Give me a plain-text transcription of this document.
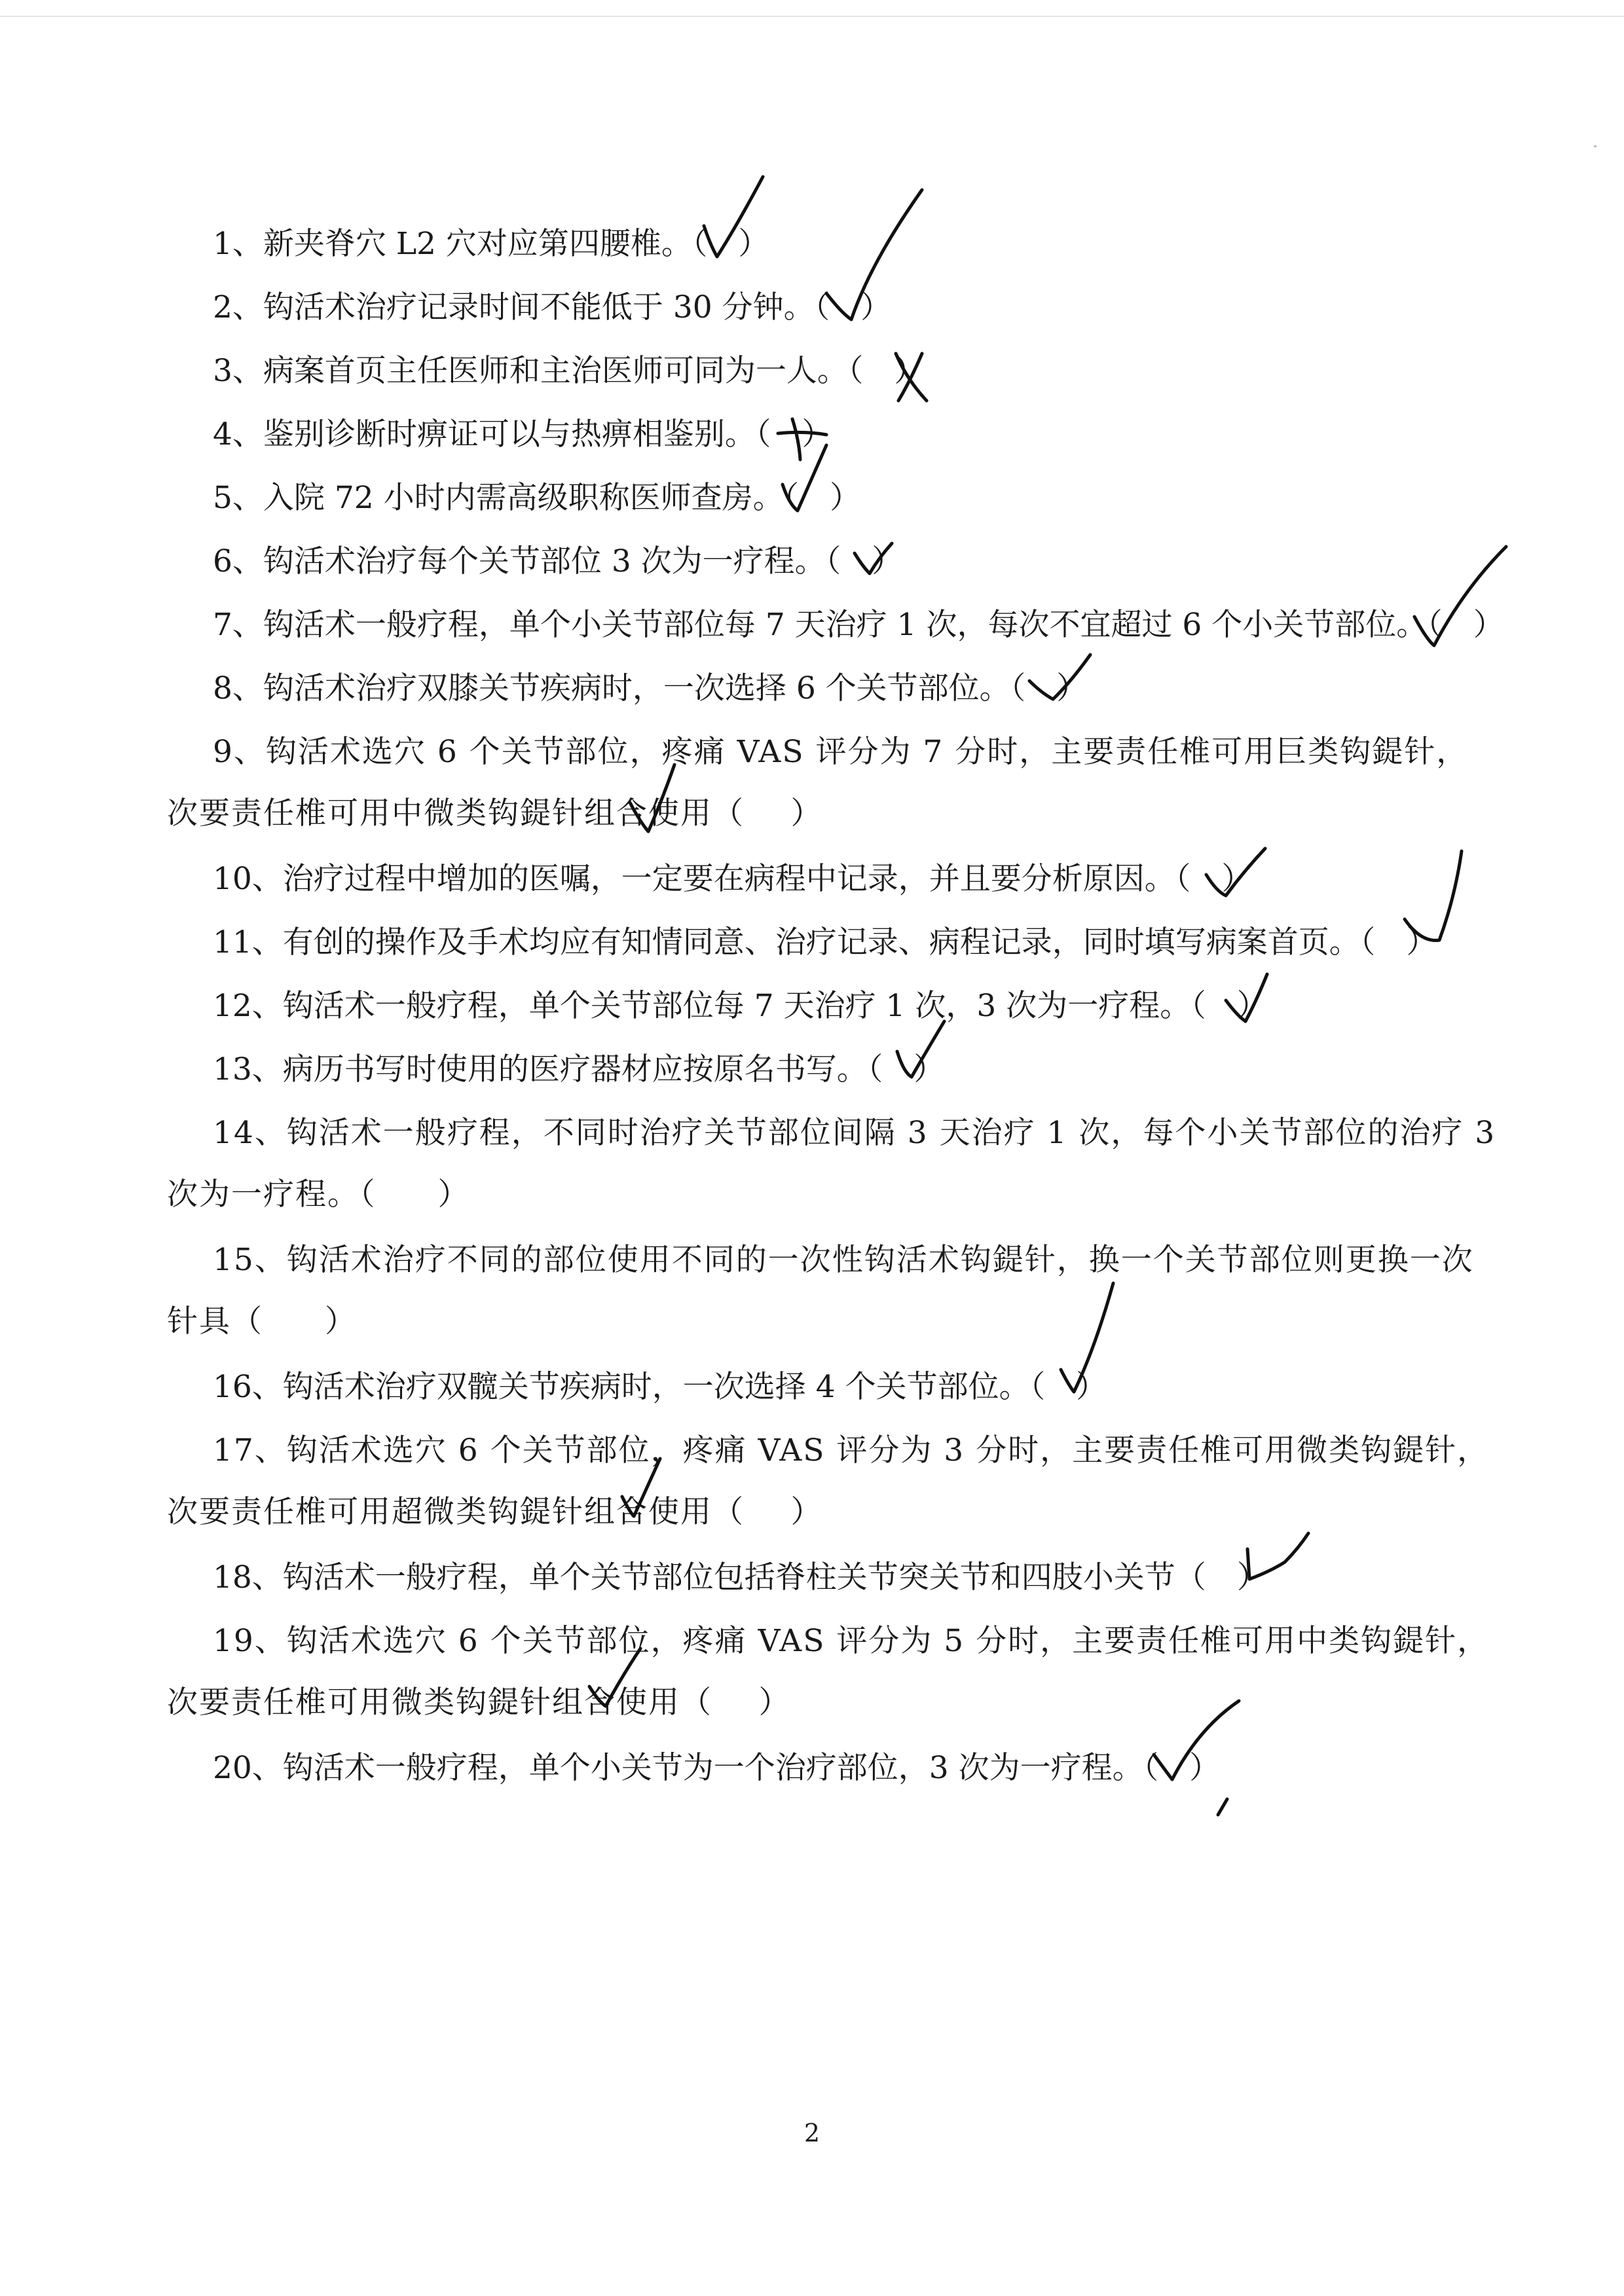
1、新夹脊穴 L2 穴对应第四腰椎。（  ）

2、钩活术治疗记录时间不能低于 30 分钟。（  ）

3、病案首页主任医师和主治医师可同为一人。（  ）

4、鉴别诊断时痹证可以与热痹相鉴别。（  ）

5、入院 72 小时内需高级职称医师查房。（  ）

6、钩活术治疗每个关节部位 3 次为一疗程。（  ）

7、钩活术一般疗程，单个小关节部位每 7 天治疗 1 次，每次不宜超过 6 个小关节部位。（  ）

8、钩活术治疗双膝关节疾病时，一次选择 6 个关节部位。（  ）

9、钩活术选穴 6 个关节部位，疼痛 VAS 评分为 7 分时，主要责任椎可用巨类钩鍉针，次要责任椎可用中微类钩鍉针组合使用（   ）

10、治疗过程中增加的医嘱，一定要在病程中记录，并且要分析原因。（  ）

11、有创的操作及手术均应有知情同意、治疗记录、病程记录，同时填写病案首页。（  ）

12、钩活术一般疗程，单个关节部位每 7 天治疗 1 次，3 次为一疗程。（  ）

13、病历书写时使用的医疗器材应按原名书写。（  ）

14、钩活术一般疗程，不同时治疗关节部位间隔 3 天治疗 1 次，每个小关节部位的治疗 3 次为一疗程。（   ）

15、钩活术治疗不同的部位使用不同的一次性钩活术钩鍉针，换一个关节部位则更换一次针具（   ）

16、钩活术治疗双髋关节疾病时，一次选择 4 个关节部位。（  ）

17、钩活术选穴 6 个关节部位，疼痛 VAS 评分为 3 分时，主要责任椎可用微类钩鍉针，次要责任椎可用超微类钩鍉针组合使用（   ）

18、钩活术一般疗程，单个关节部位包括脊柱关节突关节和四肢小关节（  ）

19、钩活术选穴 6 个关节部位，疼痛 VAS 评分为 5 分时，主要责任椎可用中类钩鍉针，次要责任椎可用微类钩鍉针组合使用（   ）

20、钩活术一般疗程，单个小关节为一个治疗部位，3 次为一疗程。（  ）

2
